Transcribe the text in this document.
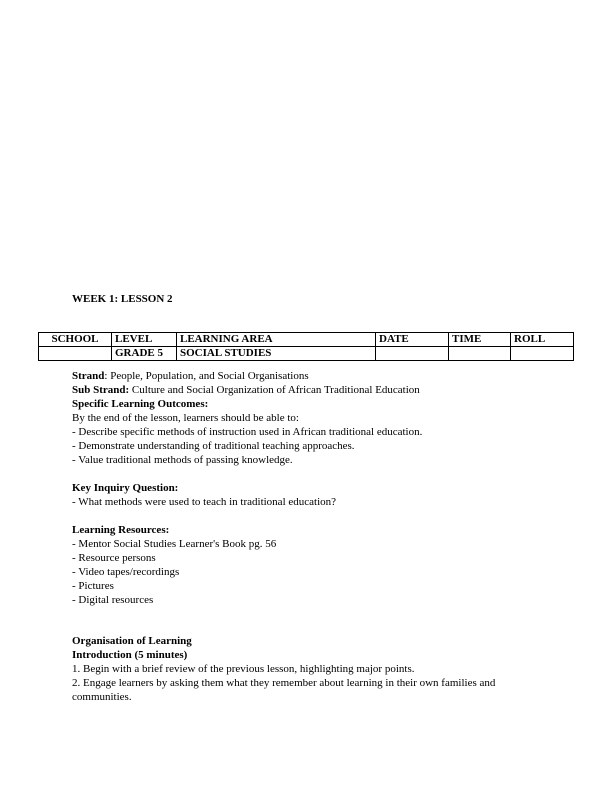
WEEK 1: LESSON 2

SCHOOL	LEVEL	LEARNING AREA	DATE	TIME	ROLL
	GRADE 5	SOCIAL STUDIES			

Strand: People, Population, and Social Organisations

Sub Strand: Culture and Social Organization of African Traditional Education

Specific Learning Outcomes:

By the end of the lesson, learners should be able to:

- Describe specific methods of instruction used in African traditional education.

- Demonstrate understanding of traditional teaching approaches.

- Value traditional methods of passing knowledge.

Key Inquiry Question:

- What methods were used to teach in traditional education?

Learning Resources:

- Mentor Social Studies Learner's Book pg. 56

- Resource persons

- Video tapes/recordings

- Pictures

- Digital resources

Organisation of Learning

Introduction (5 minutes)

1. Begin with a brief review of the previous lesson, highlighting major points.

2. Engage learners by asking them what they remember about learning in their own families and communities.
